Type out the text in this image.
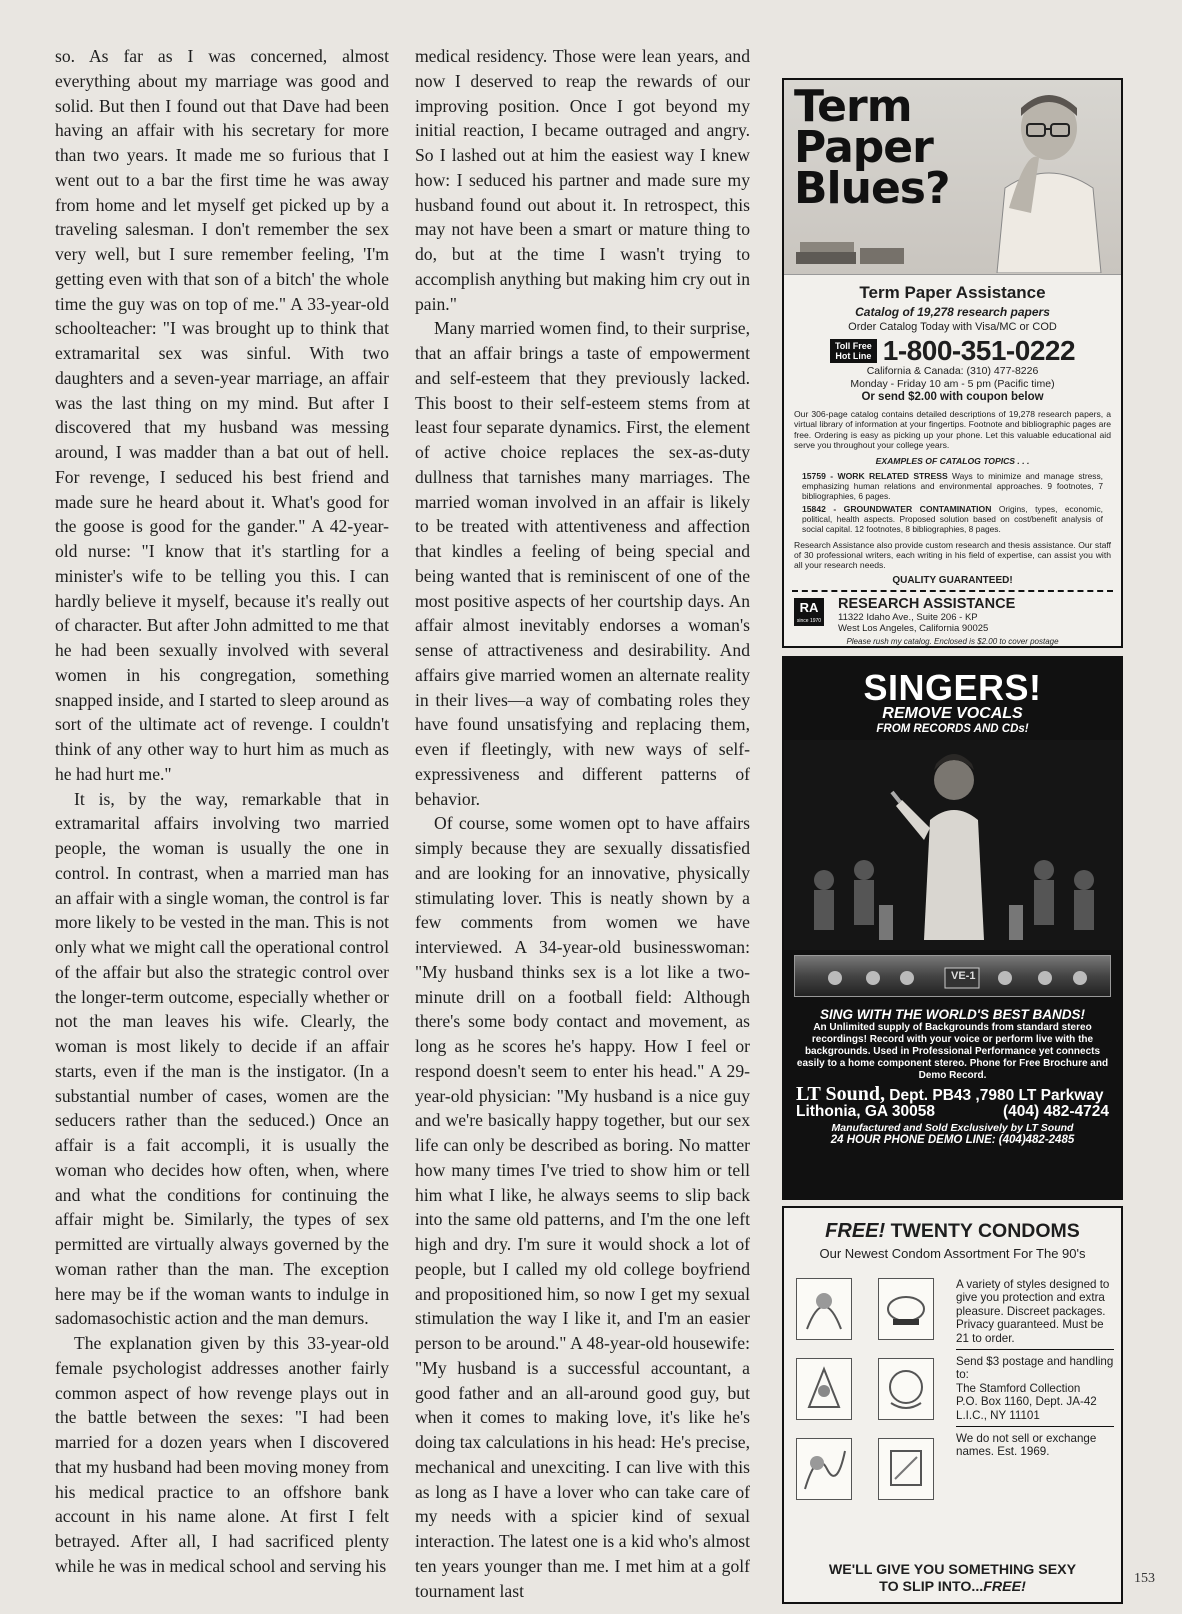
so. As far as I was concerned, almost everything about my marriage was good and solid. But then I found out that Dave had been having an affair with his secretary for more than two years. It made me so furious that I went out to a bar the first time he was away from home and let myself get picked up by a traveling salesman. I don't remember the sex very well, but I sure remember feeling, 'I'm getting even with that son of a bitch' the whole time the guy was on top of me." A 33-year-old schoolteacher: "I was brought up to think that extramarital sex was sinful. With two daughters and a seven-year marriage, an affair was the last thing on my mind. But after I discovered that my husband was messing around, I was madder than a bat out of hell. For revenge, I seduced his best friend and made sure he heard about it. What's good for the goose is good for the gander." A 42-year-old nurse: "I know that it's startling for a minister's wife to be telling you this. I can hardly believe it myself, because it's really out of character. But after John admitted to me that he had been sexually involved with several women in his congregation, something snapped inside, and I started to sleep around as sort of the ultimate act of revenge. I couldn't think of any other way to hurt him as much as he had hurt me."

It is, by the way, remarkable that in extramarital affairs involving two married people, the woman is usually the one in control. In contrast, when a married man has an affair with a single woman, the control is far more likely to be vested in the man. This is not only what we might call the operational control of the affair but also the strategic control over the longer-term outcome, especially whether or not the man leaves his wife. Clearly, the woman is most likely to decide if an affair starts, even if the man is the instigator. (In a substantial number of cases, women are the seducers rather than the seduced.) Once an affair is a fait accompli, it is usually the woman who decides how often, when, where and what the conditions for continuing the affair might be. Similarly, the types of sex permitted are virtually always governed by the woman rather than the man. The exception here may be if the woman wants to indulge in sadomasochistic action and the man demurs.

The explanation given by this 33-year-old female psychologist addresses another fairly common aspect of how revenge plays out in the battle between the sexes: "I had been married for a dozen years when I discovered that my husband had been moving money from his medical practice to an offshore bank account in his name alone. At first I felt betrayed. After all, I had sacrificed plenty while he was in medical school and serving his

medical residency. Those were lean years, and now I deserved to reap the rewards of our improving position. Once I got beyond my initial reaction, I became outraged and angry. So I lashed out at him the easiest way I knew how: I seduced his partner and made sure my husband found out about it. In retrospect, this may not have been a smart or mature thing to do, but at the time I wasn't trying to accomplish anything but making him cry out in pain."

Many married women find, to their surprise, that an affair brings a taste of empowerment and self-esteem that they previously lacked. This boost to their self-esteem stems from at least four separate dynamics. First, the element of active choice replaces the sex-as-duty dullness that tarnishes many marriages. The married woman involved in an affair is likely to be treated with attentiveness and affection that kindles a feeling of being special and being wanted that is reminiscent of one of the most positive aspects of her courtship days. An affair almost inevitably endorses a woman's sense of attractiveness and desirability. And affairs give married women an alternate reality in their lives—a way of combating roles they have found unsatisfying and replacing them, even if fleetingly, with new ways of self-expressiveness and different patterns of behavior.

Of course, some women opt to have affairs simply because they are sexually dissatisfied and are looking for an innovative, physically stimulating lover. This is neatly shown by a few comments from women we have interviewed. A 34-year-old businesswoman: "My husband thinks sex is a lot like a two-minute drill on a football field: Although there's some body contact and movement, as long as he scores he's happy. How I feel or respond doesn't seem to enter his head." A 29-year-old physician: "My husband is a nice guy and we're basically happy together, but our sex life can only be described as boring. No matter how many times I've tried to show him or tell him what I like, he always seems to slip back into the same old patterns, and I'm the one left high and dry. I'm sure it would shock a lot of people, but I called my old college boyfriend and propositioned him, so now I get my sexual stimulation the way I like it, and I'm an easier person to be around." A 48-year-old housewife: "My husband is a successful accountant, a good father and an all-around good guy, but when it comes to making love, it's like he's doing tax calculations in his head: He's precise, mechanical and unexciting. I can live with this as long as I have a lover who can take care of my needs with a spicier kind of sexual interaction. The latest one is a kid who's almost ten years younger than me. I met him at a golf tournament last

153
Term
Paper
Blues?
Term Paper Assistance
Catalog of 19,278 research papers
Order Catalog Today with Visa/MC or COD
Toll Free
Hot Line 1-800-351-0222
California & Canada: (310) 477-8226
Monday - Friday 10 am - 5 pm (Pacific time)
Or send $2.00 with coupon below
Our 306-page catalog contains detailed descriptions of 19,278 research papers, a virtual library of information at your fingertips. Footnote and bibliographic pages are free. Ordering is easy as picking up your phone. Let this valuable educational aid serve you throughout your college years.
EXAMPLES OF CATALOG TOPICS . . .
15759 - WORK RELATED STRESS Ways to minimize and manage stress, emphasizing human relations and environmental approaches. 9 footnotes, 7 bibliographies, 6 pages.
15842 - GROUNDWATER CONTAMINATION Origins, types, economic, political, health aspects. Proposed solution based on cost/benefit analysis of social capital. 12 footnotes, 8 bibliographies, 8 pages.
Research Assistance also provide custom research and thesis assistance. Our staff of 30 professional writers, each writing in his field of expertise, can assist you with all your research needs.
QUALITY GUARANTEED!
RA
since 1970
RESEARCH ASSISTANCE
11322 Idaho Ave., Suite 206 - KP
West Los Angeles, California 90025
Please rush my catalog. Enclosed is $2.00 to cover postage
SINGERS!
REMOVE VOCALS
FROM RECORDS AND CDs!
VE-1
SING WITH THE WORLD'S BEST BANDS!
An Unlimited supply of Backgrounds from standard stereo recordings! Record with your voice or perform live with the backgrounds. Used in Professional Performance yet connects easily to a home component stereo. Phone for Free Brochure and Demo Record.
LT Sound, Dept. PB43 ,7980 LT Parkway
Lithonia, GA 30058	(404) 482-4724
Manufactured and Sold Exclusively by LT Sound
24 HOUR PHONE DEMO LINE: (404)482-2485
FREE! TWENTY CONDOMS
Our Newest Condom Assortment For The 90's

A variety of styles designed to give you protection and extra pleasure. Discreet packages. Privacy guaranteed. Must be 21 to order.

Send $3 postage and handling to:

The Stamford Collection
P.O. Box 1160, Dept. JA-42
L.I.C., NY 11101

We do not sell or exchange names. Est. 1969.

WE'LL GIVE YOU SOMETHING SEXY
TO SLIP INTO...FREE!
